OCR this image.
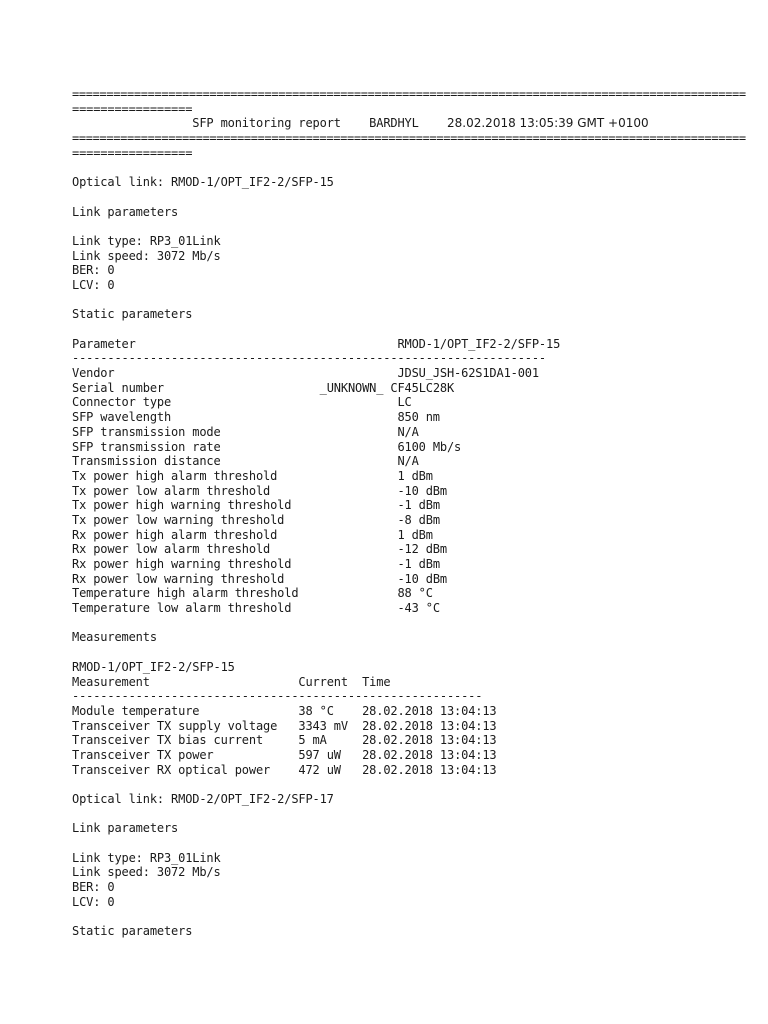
==================================================================================================
=================
SFP monitoring report BARDHYL 28.02.2018 13:05:39 GMT +0100
==================================================================================================
=================
Optical link: RMOD-1/OPT_IF2-2/SFP-15
Link parameters
Link type: RP3_01Link
Link speed: 3072 Mb/s
BER: 0
LCV: 0
Static parameters
Parameter	RMOD-1/OPT_IF2-2/SFP-15
-------------------------------------------------------------------
Vendor	JDSU_JSH-62S1DA1-001
Serial number	_UNKNOWN_ CF45LC28K
Connector type	LC
SFP wavelength	850 nm
SFP transmission mode	N/A
SFP transmission rate	6100 Mb/s
Transmission distance	N/A
Tx power high alarm threshold	1 dBm
Tx power low alarm threshold	-10 dBm
Tx power high warning threshold	-1 dBm
Tx power low warning threshold	-8 dBm
Rx power high alarm threshold	1 dBm
Rx power low alarm threshold	-12 dBm
Rx power high warning threshold	-1 dBm
Rx power low warning threshold	-10 dBm
Temperature high alarm threshold	88 °C
Temperature low alarm threshold	-43 °C
Measurements
RMOD-1/OPT_IF2-2/SFP-15
Measurement	Current Time
----------------------------------------------------------
Module temperature	38 °C 28.02.2018 13:04:13
Transceiver TX supply voltage 3343 mV 28.02.2018 13:04:13
Transceiver TX bias current	5 mA	28.02.2018 13:04:13
Transceiver TX power	597 uW 28.02.2018 13:04:13
Transceiver RX optical power 472 uW 28.02.2018 13:04:13
Optical link: RMOD-2/OPT_IF2-2/SFP-17
Link parameters
Link type: RP3_01Link
Link speed: 3072 Mb/s
BER: 0
LCV: 0
Static parameters
